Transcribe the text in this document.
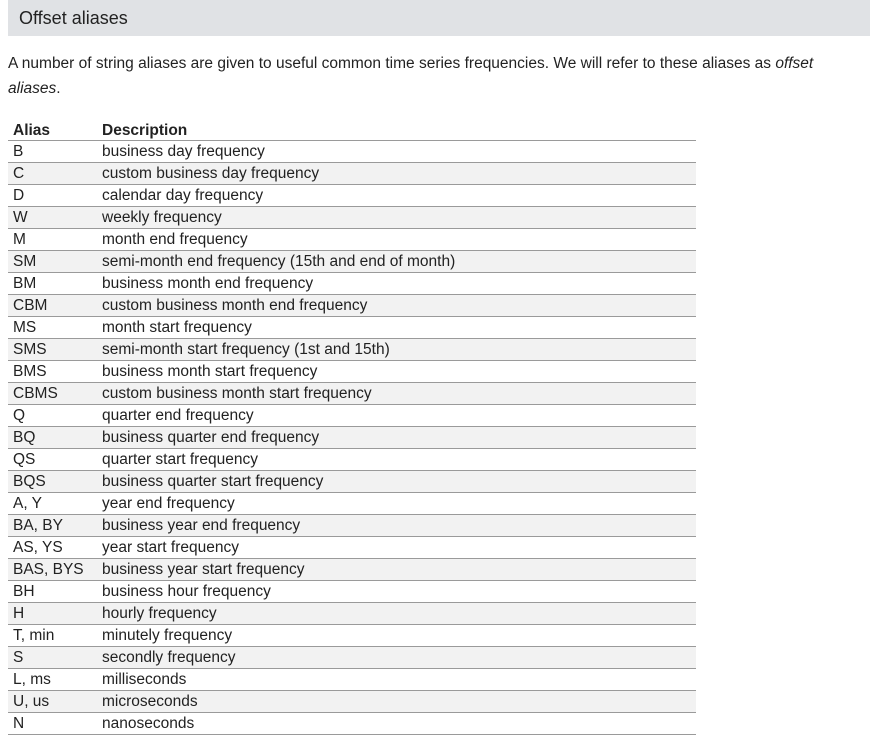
Offset aliases

A number of string aliases are given to useful common time series frequencies. We will refer to these aliases as offset aliases.

Alias	Description
B	business day frequency
C	custom business day frequency
D	calendar day frequency
W	weekly frequency
M	month end frequency
SM	semi-month end frequency (15th and end of month)
BM	business month end frequency
CBM	custom business month end frequency
MS	month start frequency
SMS	semi-month start frequency (1st and 15th)
BMS	business month start frequency
CBMS	custom business month start frequency
Q	quarter end frequency
BQ	business quarter end frequency
QS	quarter start frequency
BQS	business quarter start frequency
A, Y	year end frequency
BA, BY	business year end frequency
AS, YS	year start frequency
BAS, BYS	business year start frequency
BH	business hour frequency
H	hourly frequency
T, min	minutely frequency
S	secondly frequency
L, ms	milliseconds
U, us	microseconds
N	nanoseconds
